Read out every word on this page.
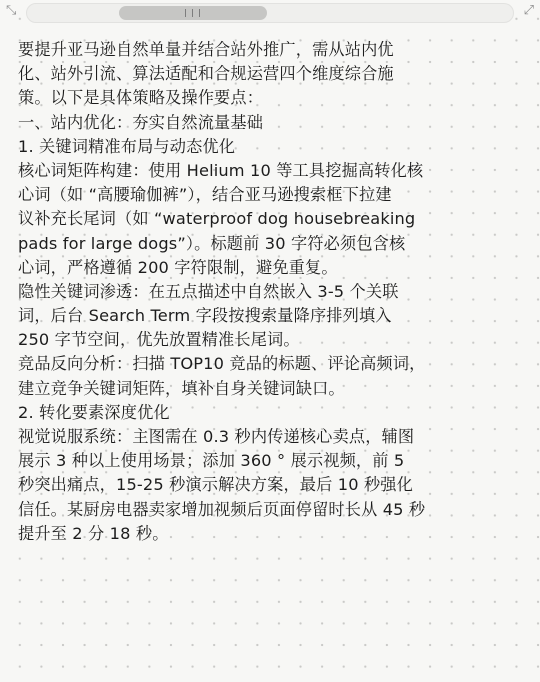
⤡	⤢
要提升亚马逊自然单量并结合站外推广，需从站内优
化、站外引流、算法适配和合规运营四个维度综合施
策。以下是具体策略及操作要点：
一、站内优化：夯实自然流量基础
1. 关键词精准布局与动态优化
核心词矩阵构建：使用 Helium 10 等工具挖掘高转化核
心词（如 “高腰瑜伽裤”），结合亚马逊搜索框下拉建
议补充长尾词（如 “waterproof dog housebreaking
pads for large dogs”）。标题前 30 字符必须包含核
心词，严格遵循 200 字符限制，避免重复。
隐性关键词渗透：在五点描述中自然嵌入 3-5 个关联
词，后台 Search Term 字段按搜索量降序排列填入
250 字节空间，优先放置精准长尾词。
竞品反向分析：扫描 TOP10 竞品的标题、评论高频词，
建立竞争关键词矩阵，填补自身关键词缺口。
2. 转化要素深度优化
视觉说服系统：主图需在 0.3 秒内传递核心卖点，辅图
展示 3 种以上使用场景；添加 360 ° 展示视频，前 5
秒突出痛点，15-25 秒演示解决方案，最后 10 秒强化
信任。某厨房电器卖家增加视频后页面停留时长从 45 秒
提升至 2 分 18 秒。
